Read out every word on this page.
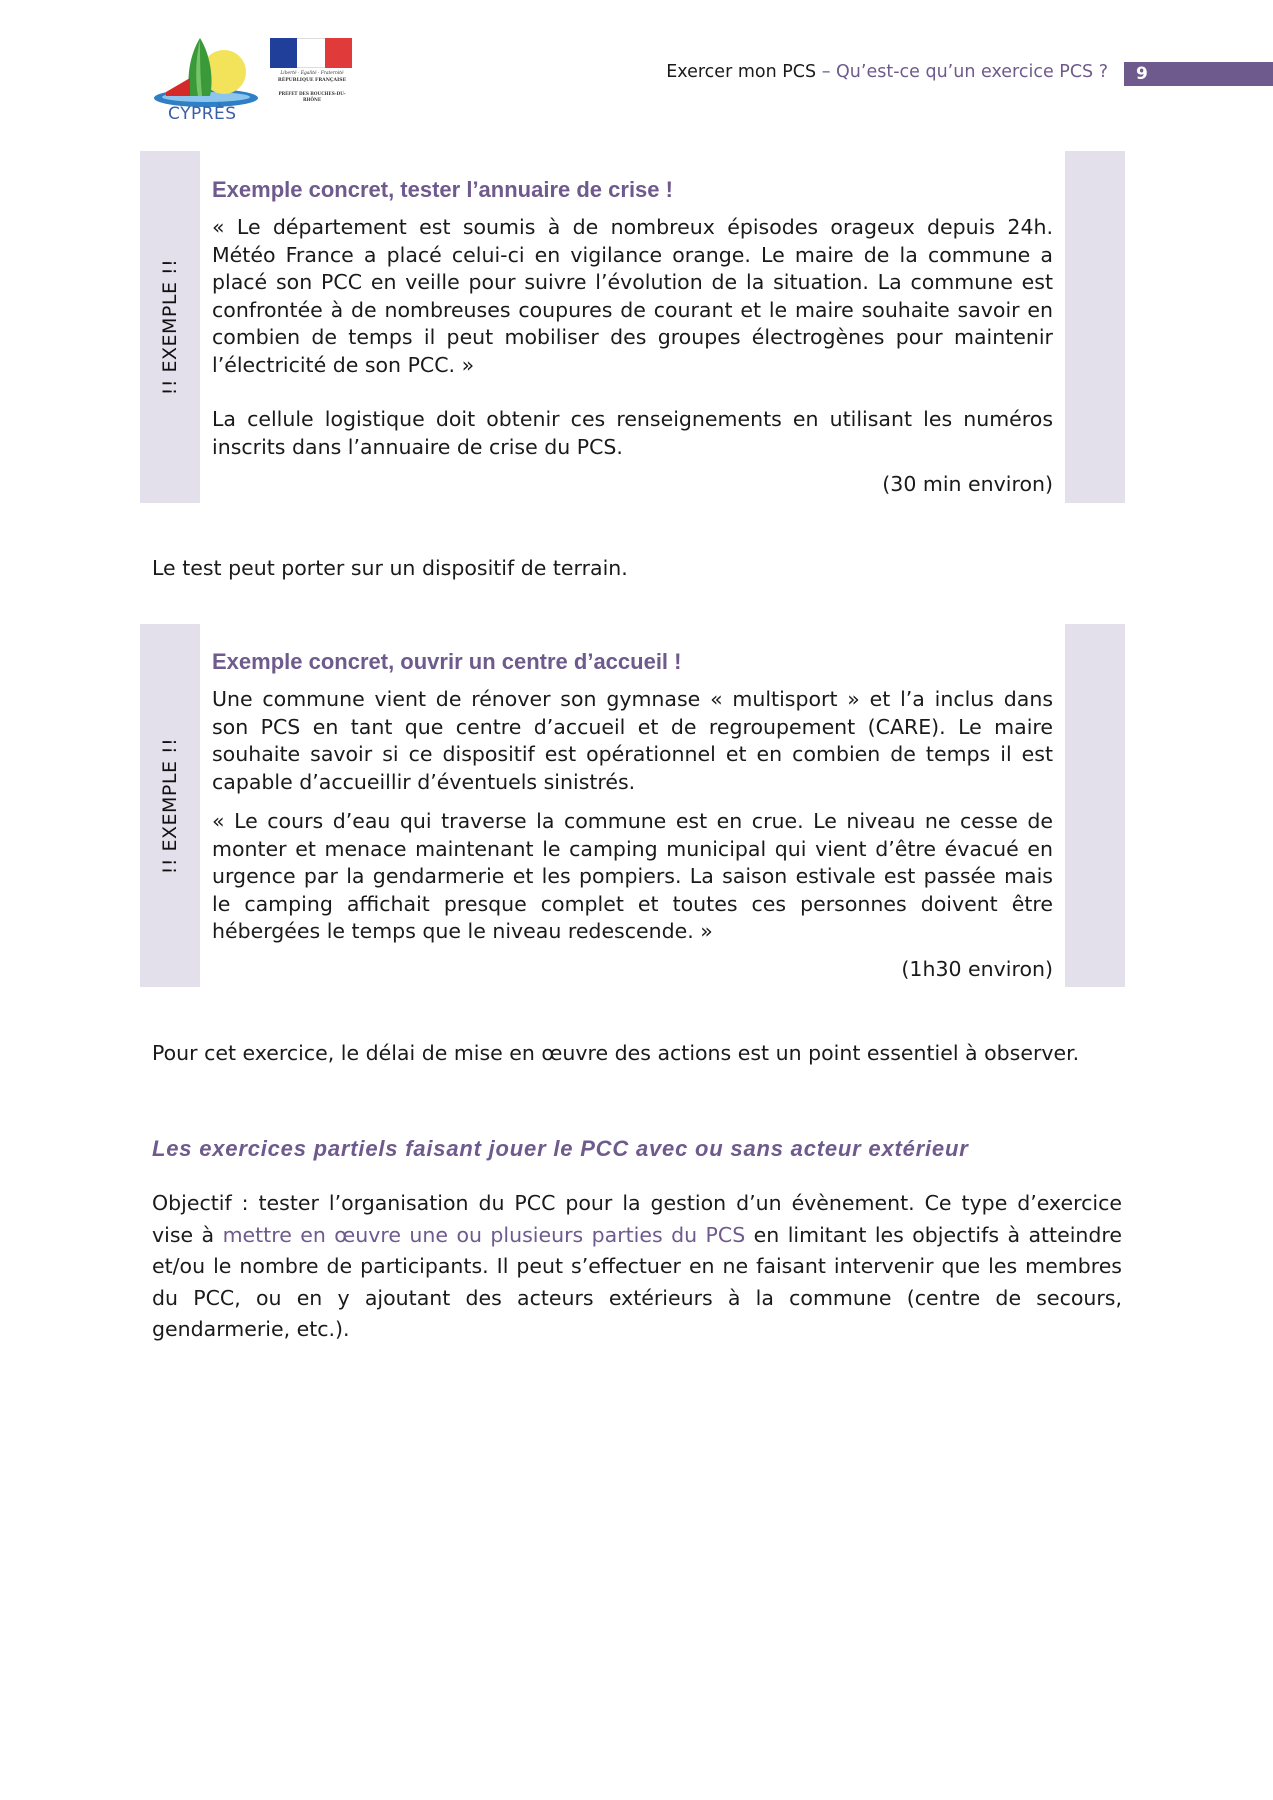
CYPRÈS
Liberté · Égalité · Fraternité
RÉPUBLIQUE FRANÇAISE
PRÉFET DES BOUCHES-DU-RHÔNE
Exercer mon PCS – Qu’est-ce qu’un exercice PCS ? 9
!! EXEMPLE !!
Exemple concret, tester l’annuaire de crise !

« Le département est soumis à de nombreux épisodes orageux depuis 24h. Météo France a placé celui-ci en vigilance orange. Le maire de la commune a placé son PCC en veille pour suivre l’évolution de la situation. La commune est confrontée à de nombreuses coupures de courant et le maire souhaite savoir en combien de temps il peut mobiliser des groupes électrogènes pour maintenir l’électricité de son PCC. »

La cellule logistique doit obtenir ces renseignements en utilisant les numéros inscrits dans l’annuaire de crise du PCS.

(30 min environ)

Le test peut porter sur un dispositif de terrain.

!! EXEMPLE !!
Exemple concret, ouvrir un centre d’accueil !

Une commune vient de rénover son gymnase « multisport » et l’a inclus dans son PCS en tant que centre d’accueil et de regroupement (CARE). Le maire souhaite savoir si ce dispositif est opérationnel et en combien de temps il est capable d’accueillir d’éventuels sinistrés.

« Le cours d’eau qui traverse la commune est en crue. Le niveau ne cesse de monter et menace maintenant le camping municipal qui vient d’être évacué en urgence par la gendarmerie et les pompiers. La saison estivale est passée mais le camping affichait presque complet et toutes ces personnes doivent être hébergées le temps que le niveau redescende. »

(1h30 environ)

Pour cet exercice, le délai de mise en œuvre des actions est un point essentiel à observer.

Les exercices partiels faisant jouer le PCC avec ou sans acteur extérieur

Objectif : tester l’organisation du PCC pour la gestion d’un évènement. Ce type d’exercice vise à mettre en œuvre une ou plusieurs parties du PCS en limitant les objectifs à atteindre et/ou le nombre de participants. Il peut s’effectuer en ne faisant intervenir que les membres du PCC, ou en y ajoutant des acteurs extérieurs à la commune (centre de secours, gendarmerie, etc.).
